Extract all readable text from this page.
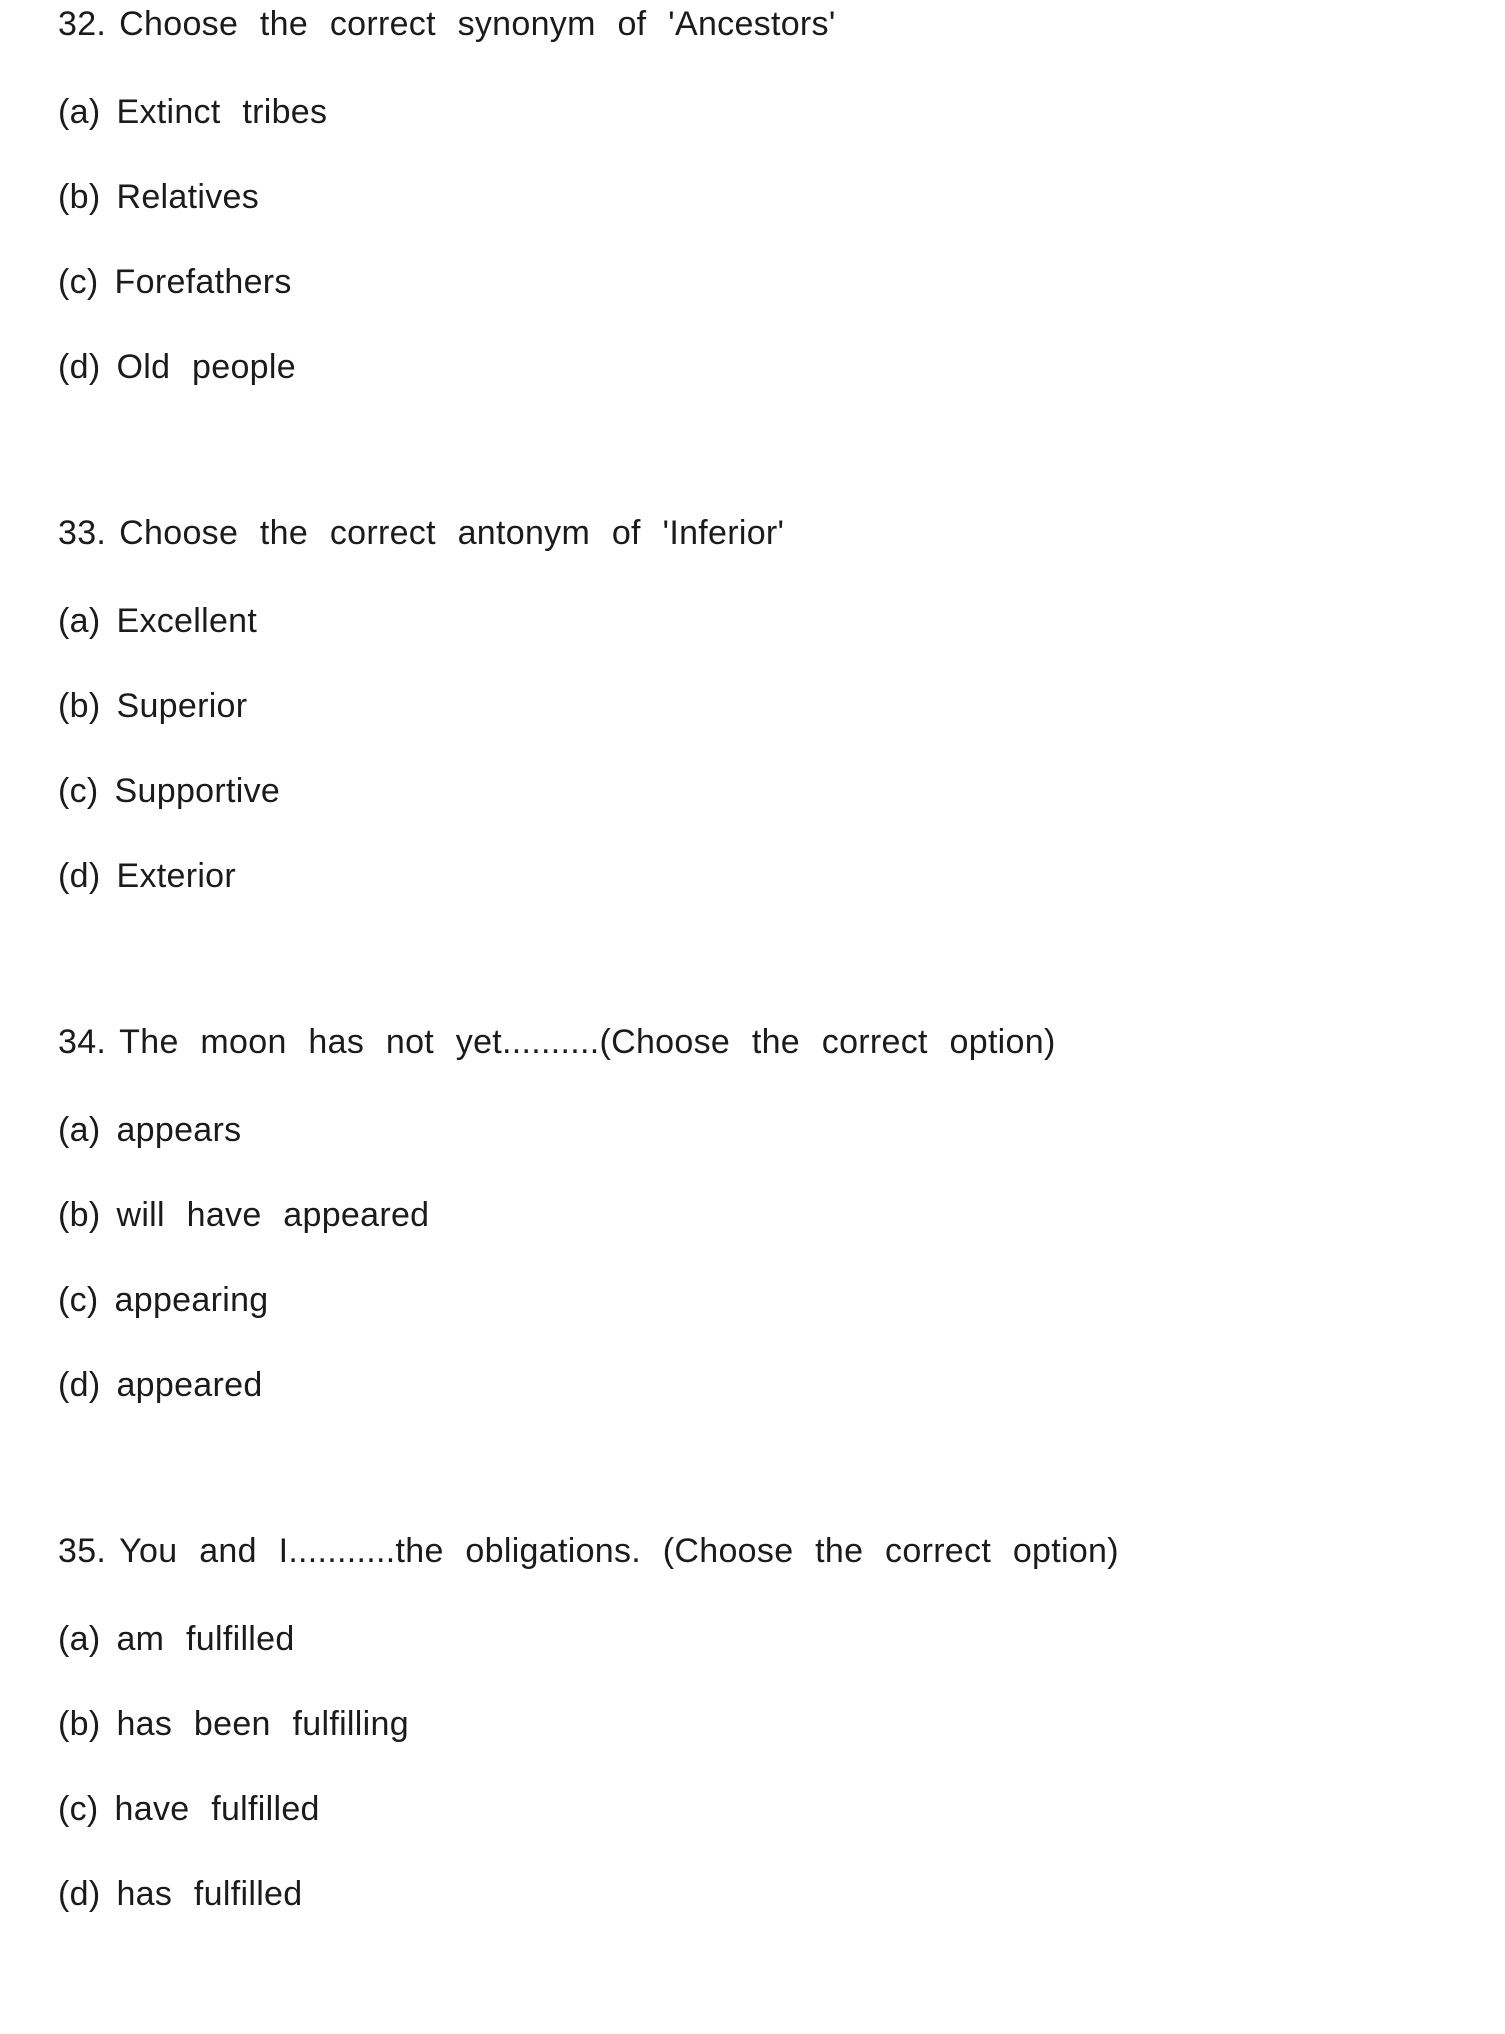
32. Choose the correct synonym of 'Ancestors'
(a) Extinct tribes
(b) Relatives
(c) Forefathers
(d) Old people
33. Choose the correct antonym of 'Inferior'
(a) Excellent
(b) Superior
(c) Supportive
(d) Exterior
34. The moon has not yet..........(Choose the correct option)
(a) appears
(b) will have appeared
(c) appearing
(d) appeared
35. You and I...........the obligations. (Choose the correct option)
(a) am fulfilled
(b) has been fulfilling
(c) have fulfilled
(d) has fulfilled
